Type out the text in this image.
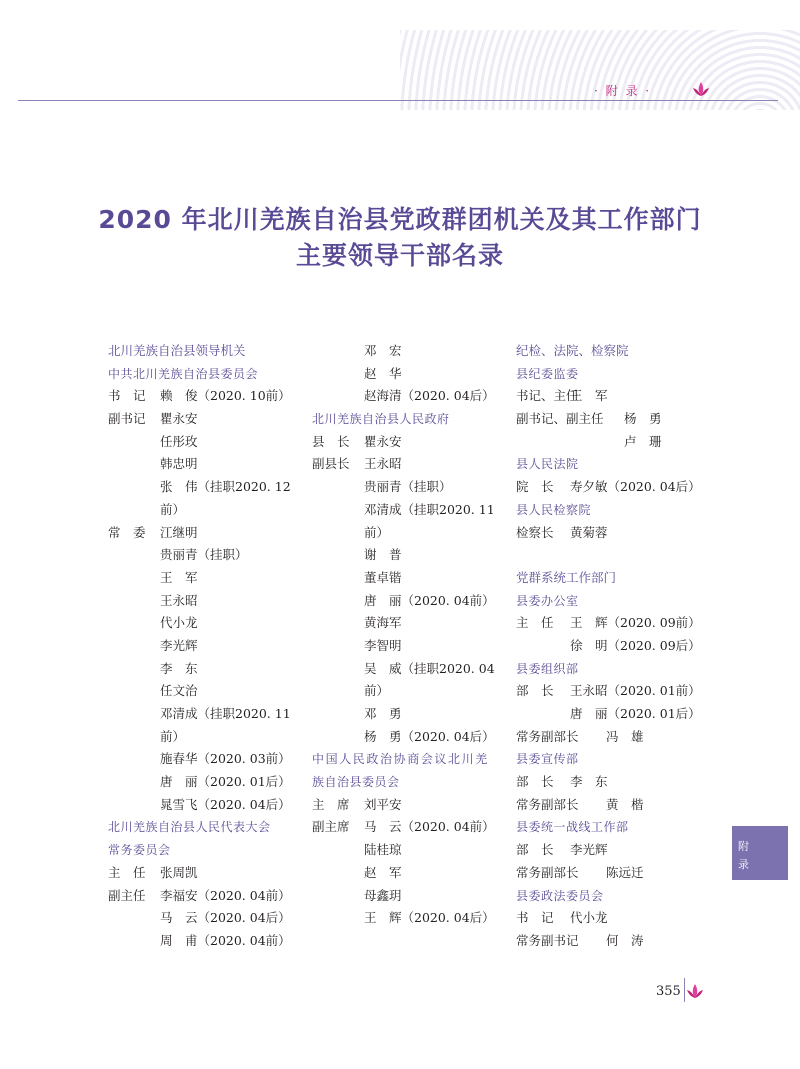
· 附 录 ·
2020 年北川羌族自治县党政群团机关及其工作部门
主要领导干部名录
北川羌族自治县领导机关
中共北川羌族自治县委员会
书　记 赖　俊（2020. 10前）
副书记 瞿永安
任彤玫
韩忠明
张　伟（挂职2020. 12
前）
常　委 江继明
贵丽青（挂职）
王　军
王永昭
代小龙
李光辉
李　东
任文治
邓清成（挂职2020. 11
前）
施春华（2020. 03前）
唐　丽（2020. 01后）
晁雪飞（2020. 04后）
北川羌族自治县人民代表大会
常务委员会
主　任 张周凯
副主任 李福安（2020. 04前）
马　云（2020. 04后）
周　甫（2020. 04前）
邓　宏
赵　华
赵海清（2020. 04后）
北川羌族自治县人民政府
县　长 瞿永安
副县长 王永昭
贵丽青（挂职）
邓清成（挂职2020. 11
前）
谢　普
董卓锴
唐　丽（2020. 04前）
黄海军
李智明
吴　威（挂职2020. 04
前）
邓　勇
杨　勇（2020. 04后）
中国人民政治协商会议北川羌
族自治县委员会
主　席 刘平安
副主席 马　云（2020. 04前）
陆桂琼
赵　军
母鑫玥
王　辉（2020. 04后）
纪检、法院、检察院
县纪委监委
书记、主任
王　军
副书记、副主任 杨　勇
卢　珊
县人民法院
院　长 寿夕敏（2020. 04后）
县人民检察院
检察长 黄菊蓉
党群系统工作部门
县委办公室
主　任 王　辉（2020. 09前）
徐　明（2020. 09后）
县委组织部
部　长 王永昭（2020. 01前）
唐　丽（2020. 01后）
常务副部长 冯　雄
县委宣传部
部　长 李　东
常务副部长 黄　楷
县委统一战线工作部
部　长 李光辉
常务副部长 陈远迁
县委政法委员会
书　记 代小龙
常务副书记 何　涛
附
录
355
